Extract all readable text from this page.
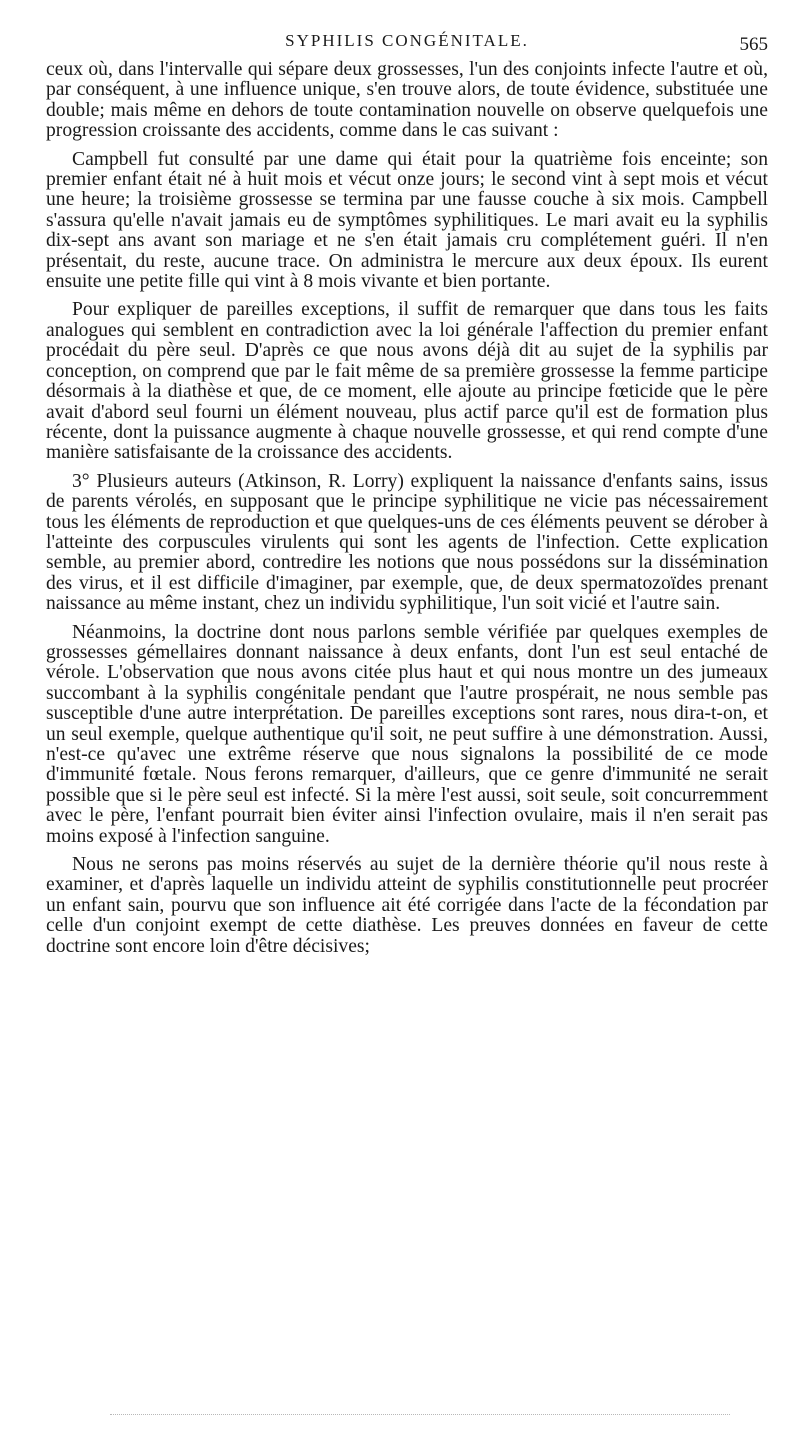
SYPHILIS CONGÉNITALE.	565

ceux où, dans l'intervalle qui sépare deux grossesses, l'un des conjoints infecte l'autre et où, par conséquent, à une influence unique, s'en trouve alors, de toute évidence, substituée une double; mais même en dehors de toute contamination nouvelle on observe quelquefois une progression croissante des accidents, comme dans le cas suivant :

Campbell fut consulté par une dame qui était pour la quatrième fois enceinte; son premier enfant était né à huit mois et vécut onze jours; le second vint à sept mois et vécut une heure; la troisième grossesse se termina par une fausse couche à six mois. Campbell s'assura qu'elle n'avait jamais eu de symptômes syphilitiques. Le mari avait eu la syphilis dix-sept ans avant son mariage et ne s'en était jamais cru complétement guéri. Il n'en présentait, du reste, aucune trace. On administra le mercure aux deux époux. Ils eurent ensuite une petite fille qui vint à 8 mois vivante et bien portante.

Pour expliquer de pareilles exceptions, il suffit de remarquer que dans tous les faits analogues qui semblent en contradiction avec la loi générale l'affection du premier enfant procédait du père seul. D'après ce que nous avons déjà dit au sujet de la syphilis par conception, on comprend que par le fait même de sa première grossesse la femme participe désormais à la diathèse et que, de ce moment, elle ajoute au principe fœticide que le père avait d'abord seul fourni un élément nouveau, plus actif parce qu'il est de formation plus récente, dont la puissance augmente à chaque nouvelle grossesse, et qui rend compte d'une manière satisfaisante de la croissance des accidents.

3° Plusieurs auteurs (Atkinson, R. Lorry) expliquent la naissance d'enfants sains, issus de parents vérolés, en supposant que le principe syphilitique ne vicie pas nécessairement tous les éléments de reproduction et que quelques-uns de ces éléments peuvent se dérober à l'atteinte des corpuscules virulents qui sont les agents de l'infection. Cette explication semble, au premier abord, contredire les notions que nous possédons sur la dissémination des virus, et il est difficile d'imaginer, par exemple, que, de deux spermatozoïdes prenant naissance au même instant, chez un individu syphilitique, l'un soit vicié et l'autre sain.

Néanmoins, la doctrine dont nous parlons semble vérifiée par quelques exemples de grossesses gémellaires donnant naissance à deux enfants, dont l'un est seul entaché de vérole. L'observation que nous avons citée plus haut et qui nous montre un des jumeaux succombant à la syphilis congénitale pendant que l'autre prospérait, ne nous semble pas susceptible d'une autre interprétation. De pareilles exceptions sont rares, nous dira-t-on, et un seul exemple, quelque authentique qu'il soit, ne peut suffire à une démonstration. Aussi, n'est-ce qu'avec une extrême réserve que nous signalons la possibilité de ce mode d'immunité fœtale. Nous ferons remarquer, d'ailleurs, que ce genre d'immunité ne serait possible que si le père seul est infecté. Si la mère l'est aussi, soit seule, soit concurremment avec le père, l'enfant pourrait bien éviter ainsi l'infection ovulaire, mais il n'en serait pas moins exposé à l'infection sanguine.

Nous ne serons pas moins réservés au sujet de la dernière théorie qu'il nous reste à examiner, et d'après laquelle un individu atteint de syphilis constitutionnelle peut procréer un enfant sain, pourvu que son influence ait été corrigée dans l'acte de la fécondation par celle d'un conjoint exempt de cette diathèse. Les preuves données en faveur de cette doctrine sont encore loin d'être décisives;
